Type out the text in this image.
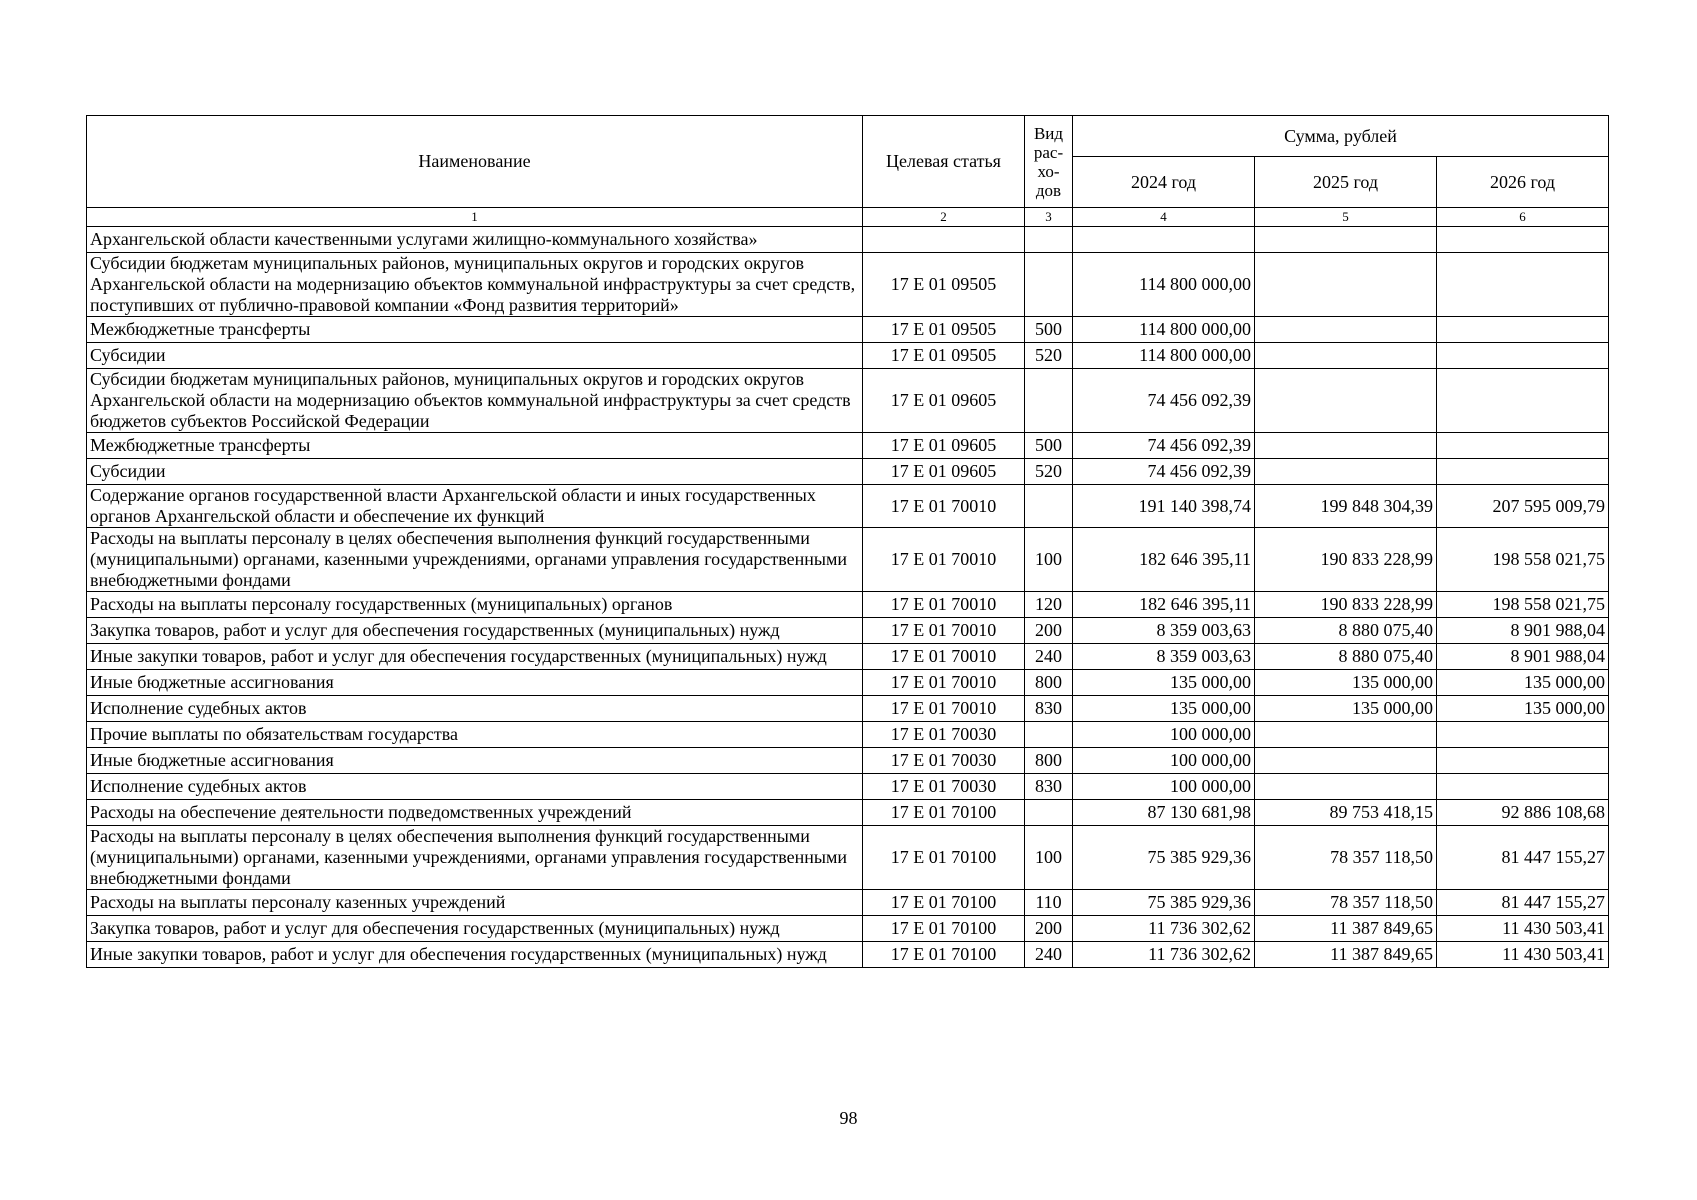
Наименование	Целевая статья	Вид
рас-
хо-
дов	Сумма, рублей		
			2024 год	2025 год	2026 год
1	2	3	4	5	6
Архангельской области качественными услугами жилищно-коммунального хозяйства»					
Субсидии бюджетам муниципальных районов, муниципальных округов и городских округов Архангельской области на модернизацию объектов коммунальной инфраструктуры за счет средств, поступивших от публично-правовой компании «Фонд развития территорий»	17 E 01 09505		114 800 000,00		
Межбюджетные трансферты	17 E 01 09505	500	114 800 000,00		
Субсидии	17 E 01 09505	520	114 800 000,00		
Субсидии бюджетам муниципальных районов, муниципальных округов и городских округов Архангельской области на модернизацию объектов коммунальной инфраструктуры за счет средств бюджетов субъектов Российской Федерации	17 E 01 09605		74 456 092,39		
Межбюджетные трансферты	17 E 01 09605	500	74 456 092,39		
Субсидии	17 E 01 09605	520	74 456 092,39		
Содержание органов государственной власти Архангельской области и иных государственных органов Архангельской области и обеспечение их функций	17 E 01 70010		191 140 398,74	199 848 304,39	207 595 009,79
Расходы на выплаты персоналу в целях обеспечения выполнения функций государственными (муниципальными) органами, казенными учреждениями, органами управления государственными внебюджетными фондами	17 E 01 70010	100	182 646 395,11	190 833 228,99	198 558 021,75
Расходы на выплаты персоналу государственных (муниципальных) органов	17 E 01 70010	120	182 646 395,11	190 833 228,99	198 558 021,75
Закупка товаров, работ и услуг для обеспечения государственных (муниципальных) нужд	17 E 01 70010	200	8 359 003,63	8 880 075,40	8 901 988,04
Иные закупки товаров, работ и услуг для обеспечения государственных (муниципальных) нужд	17 E 01 70010	240	8 359 003,63	8 880 075,40	8 901 988,04
Иные бюджетные ассигнования	17 E 01 70010	800	135 000,00	135 000,00	135 000,00
Исполнение судебных актов	17 E 01 70010	830	135 000,00	135 000,00	135 000,00
Прочие выплаты по обязательствам государства	17 E 01 70030		100 000,00		
Иные бюджетные ассигнования	17 E 01 70030	800	100 000,00		
Исполнение судебных актов	17 E 01 70030	830	100 000,00		
Расходы на обеспечение деятельности подведомственных учреждений	17 E 01 70100		87 130 681,98	89 753 418,15	92 886 108,68
Расходы на выплаты персоналу в целях обеспечения выполнения функций государственными (муниципальными) органами, казенными учреждениями, органами управления государственными внебюджетными фондами	17 E 01 70100	100	75 385 929,36	78 357 118,50	81 447 155,27
Расходы на выплаты персоналу казенных учреждений	17 E 01 70100	110	75 385 929,36	78 357 118,50	81 447 155,27
Закупка товаров, работ и услуг для обеспечения государственных (муниципальных) нужд	17 E 01 70100	200	11 736 302,62	11 387 849,65	11 430 503,41
Иные закупки товаров, работ и услуг для обеспечения государственных (муниципальных) нужд	17 E 01 70100	240	11 736 302,62	11 387 849,65	11 430 503,41
98
